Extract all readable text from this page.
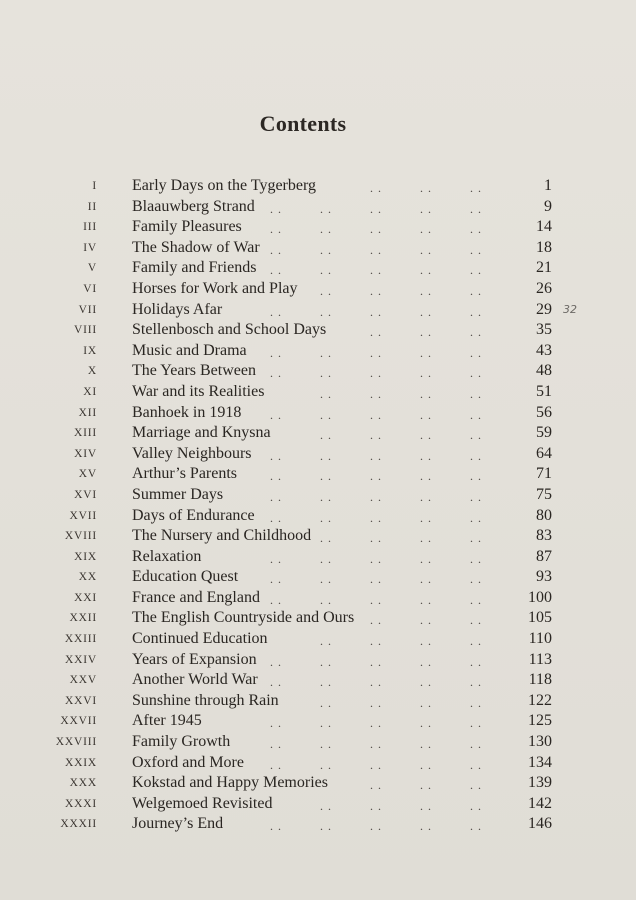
Contents
I Early Days on the Tygerberg	. .	. .	. .	1
II Blaauwberg Strand . .	. .	. .	. .	. .	9
III Family Pleasures . .	. .	. .	. .	. .	14
IV The Shadow of War . .	. .	. .	. .	. .	18
V Family and Friends . .	. .	. .	. .	. .	21
VI Horses for Work and Play . .	. .	. .	. .	26
VII Holidays Afar	. .	. .	. .	. .	. .	29
VIII Stellenbosch and School Days	. .	. .	. .	35
IX Music and Drama . .	. .	. .	. .	. .	43
X The Years Between . .	. .	. .	. .	. .	48
XI War and its Realities	. .	. .	. .	. .	51
XII Banhoek in 1918 . .	. .	. .	. .	. .	56
XIII Marriage and Knysna	. .	. .	. .	. .	59
XIV Valley Neighbours . .	. .	. .	. .	. .	64
XV Arthur’s Parents	. .	. .	. .	. .	. .	71
XVI Summer Days	. .	. .	. .	. .	. .	75
XVII Days of Endurance . .	. .	. .	. .	. .	80
XVIII The Nursery and Childhood . .	. .	. .	. .	83
XIX Relaxation	. .	. .	. .	. .	. .	87
XX Education Quest	. .	. .	. .	. .	. .	93
XXI France and England . .	. .	. .	. .	. .	100
XXII The English Countryside and Ours . .	. .	. .	105
XXIII Continued Education	. .	. .	. .	. .	110
XXIV Years of Expansion . .	. .	. .	. .	. .	113
XXV Another World War . .	. .	. .	. .	. .	118
XXVI Sunshine through Rain	. .	. .	. .	. .	122
XXVII After 1945	. .	. .	. .	. .	. .	125
XXVIII Family Growth	. .	. .	. .	. .	. .	130
XXIX Oxford and More . .	. .	. .	. .	. .	134
XXX Kokstad and Happy Memories	. .	. .	. .	139
XXXI Welgemoed Revisited	. .	. .	. .	. .	142
XXXII Journey’s End	. .	. .	. .	. .	. .	146
32
